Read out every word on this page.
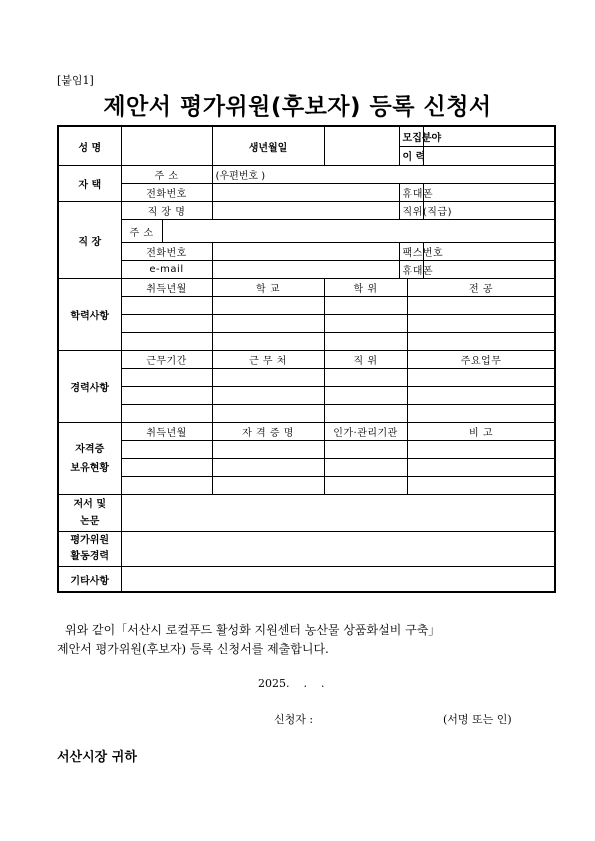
[붙임1]
제안서 평가위원(후보자) 등록 신청서
성 명			생년월일		모집분야		
					이 력		
자 택	주 소		(우편번호 )				
	전화번호				휴대폰		
직 장	직 장 명				직위(직급)		
	주 소						
	전화번호				팩스번호		
	e-mail				휴대폰		
학력사항	취득년월		학 교	학 위		전 공	

경력사항	근무기간		근 무 처	직 위		주요업무	

자격증
보유현황	취득년월		자 격 증 명	인가·관리기관		비 고	

저서 및
논문							

평가위원
활동경력							

기타사항							
위와 같이「서산시 로컬푸드 활성화 지원센터 농산물 상품화설비 구축」
제안서 평가위원(후보자) 등록 신청서를 제출합니다.
2025.    .    .
신청자 :	(서명 또는 인)
서산시장 귀하
